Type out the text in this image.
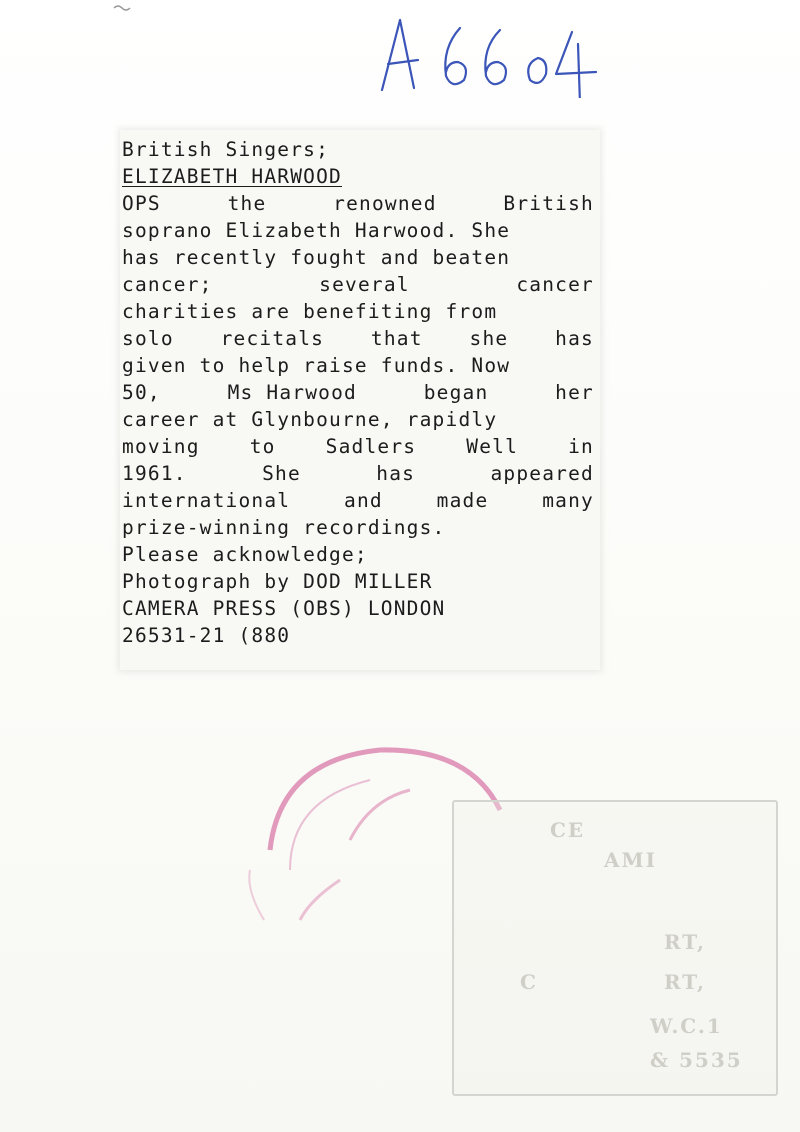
British Singers;
ELIZABETH HARWOOD
OPS	the	renowned	British
soprano Elizabeth Harwood. She
has recently fought and beaten
cancer;	several	cancer
charities are benefiting from
solo recitals that she has
given to help raise funds. Now
50,	Ms Harwood	began	her
career at Glynbourne, rapidly
moving	to	Sadlers	Well	in
1961.	She	has	appeared
international	and	made	many
prize-winning recordings.
Please acknowledge;
Photograph by DOD MILLER
CAMERA PRESS (OBS) LONDON
26531-21 (880
CE
AMI
RT,
C	RT,
W.C.1
& 5535
